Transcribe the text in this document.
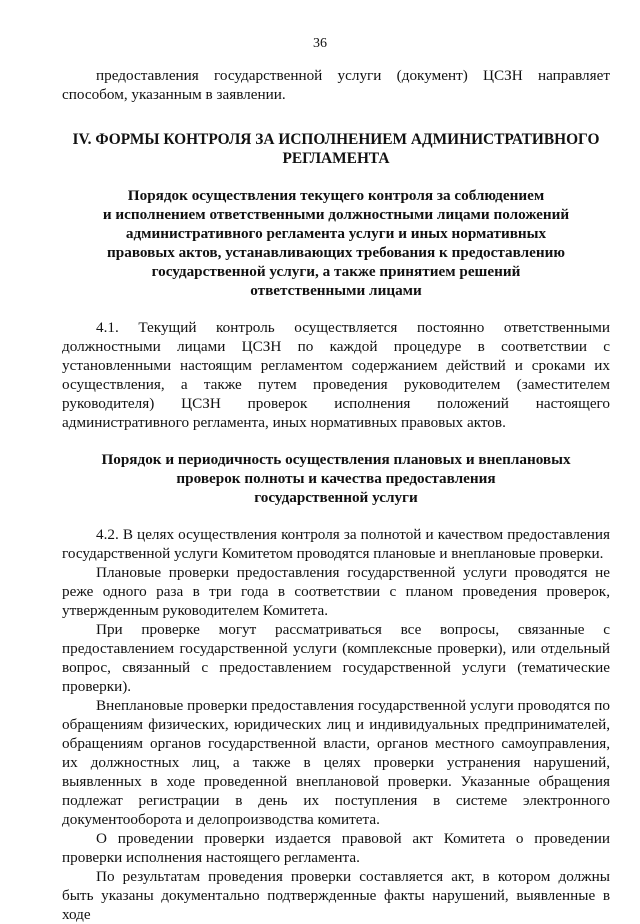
36

предоставления государственной услуги (документ) ЦСЗН направляет способом, указанным в заявлении.

IV. ФОРМЫ КОНТРОЛЯ ЗА ИСПОЛНЕНИЕМ АДМИНИСТРАТИВНОГО
РЕГЛАМЕНТА
Порядок осуществления текущего контроля за соблюдением
и исполнением ответственными должностными лицами положений
административного регламента услуги и иных нормативных
правовых актов, устанавливающих требования к предоставлению
государственной услуги, а также принятием решений
ответственными лицами

4.1. Текущий контроль осуществляется постоянно ответственными должностными лицами ЦСЗН по каждой процедуре в соответствии с установленными настоящим регламентом содержанием действий и сроками их осуществления, а также путем проведения руководителем (заместителем руководителя) ЦСЗН проверок исполнения положений настоящего административного регламента, иных нормативных правовых актов.

Порядок и периодичность осуществления плановых и внеплановых
проверок полноты и качества предоставления
государственной услуги

4.2. В целях осуществления контроля за полнотой и качеством предоставления государственной услуги Комитетом проводятся плановые и внеплановые проверки.

Плановые проверки предоставления государственной услуги проводятся не реже одного раза в три года в соответствии с планом проведения проверок, утвержденным руководителем Комитета.

При проверке могут рассматриваться все вопросы, связанные с предоставлением государственной услуги (комплексные проверки), или отдельный вопрос, связанный с предоставлением государственной услуги (тематические проверки).

Внеплановые проверки предоставления государственной услуги проводятся по обращениям физических, юридических лиц и индивидуальных предпринимателей, обращениям органов государственной власти, органов местного самоуправления, их должностных лиц, а также в целях проверки устранения нарушений, выявленных в ходе проведенной внеплановой проверки. Указанные обращения подлежат регистрации в день их поступления в системе электронного документооборота и делопроизводства комитета.

О проведении проверки издается правовой акт Комитета о проведении проверки исполнения настоящего регламента.

По результатам проведения проверки составляется акт, в котором должны быть указаны документально подтвержденные факты нарушений, выявленные в ходе
